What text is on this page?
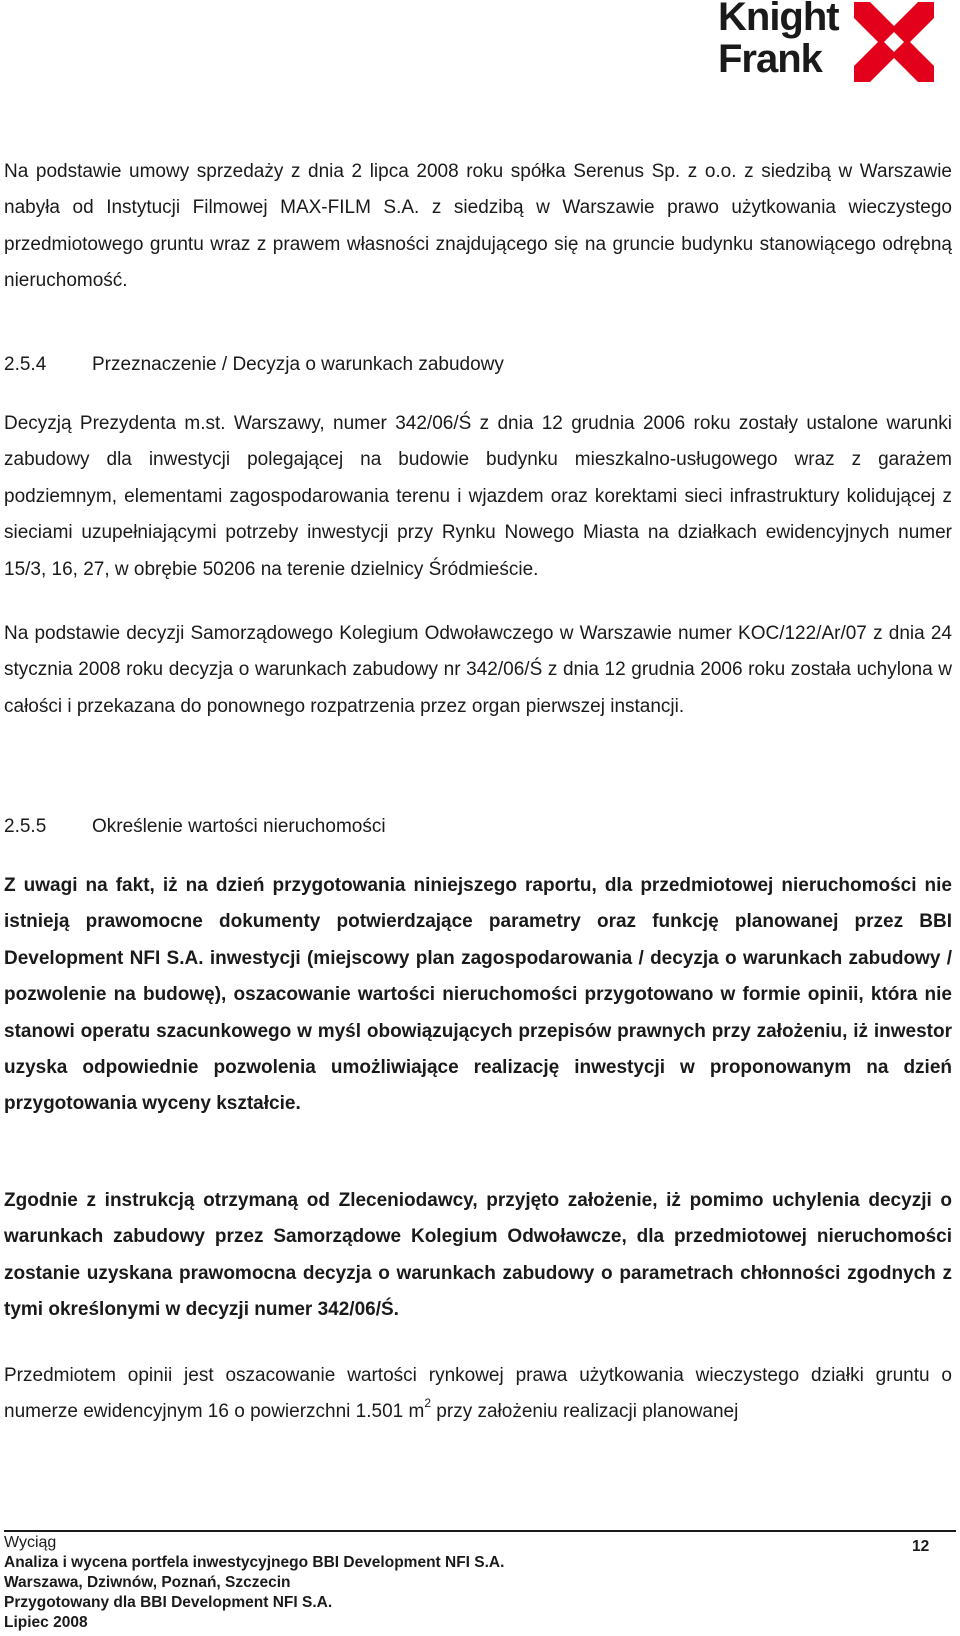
Knight
Frank

Na podstawie umowy sprzedaży z dnia 2 lipca 2008 roku spółka Serenus Sp. z o.o. z siedzibą w Warszawie nabyła od Instytucji Filmowej MAX-FILM S.A. z siedzibą w Warszawie prawo użytkowania wieczystego przedmiotowego gruntu wraz z prawem własności znajdującego się na gruncie budynku stanowiącego odrębną nieruchomość.

2.5.4 Przeznaczenie / Decyzja o warunkach zabudowy

Decyzją Prezydenta m.st. Warszawy, numer 342/06/Ś z dnia 12 grudnia 2006 roku zostały ustalone warunki zabudowy dla inwestycji polegającej na budowie budynku mieszkalno-usługowego wraz z garażem podziemnym, elementami zagospodarowania terenu i wjazdem oraz korektami sieci infrastruktury kolidującej z sieciami uzupełniającymi potrzeby inwestycji przy Rynku Nowego Miasta na działkach ewidencyjnych numer 15/3, 16, 27, w obrębie 50206 na terenie dzielnicy Śródmieście.

Na podstawie decyzji Samorządowego Kolegium Odwoławczego w Warszawie numer KOC/122/Ar/07 z dnia 24 stycznia 2008 roku decyzja o warunkach zabudowy nr 342/06/Ś z dnia 12 grudnia 2006 roku została uchylona w całości i przekazana do ponownego rozpatrzenia przez organ pierwszej instancji.

2.5.5 Określenie wartości nieruchomości

Z uwagi na fakt, iż na dzień przygotowania niniejszego raportu, dla przedmiotowej nieruchomości nie istnieją prawomocne dokumenty potwierdzające parametry oraz funkcję planowanej przez BBI Development NFI S.A. inwestycji (miejscowy plan zagospodarowania / decyzja o warunkach zabudowy / pozwolenie na budowę), oszacowanie wartości nieruchomości przygotowano w formie opinii, która nie stanowi operatu szacunkowego w myśl obowiązujących przepisów prawnych przy założeniu, iż inwestor uzyska odpowiednie pozwolenia umożliwiające realizację inwestycji w proponowanym na dzień przygotowania wyceny kształcie.

Zgodnie z instrukcją otrzymaną od Zleceniodawcy, przyjęto założenie, iż pomimo uchylenia decyzji o warunkach zabudowy przez Samorządowe Kolegium Odwoławcze, dla przedmiotowej nieruchomości zostanie uzyskana prawomocna decyzja o warunkach zabudowy o parametrach chłonności zgodnych z tymi określonymi w decyzji numer 342/06/Ś.

Przedmiotem opinii jest oszacowanie wartości rynkowej prawa użytkowania wieczystego działki gruntu o numerze ewidencyjnym 16 o powierzchni 1.501 $m^2$ przy założeniu realizacji planowanej

Wyciąg
Analiza i wycena portfela inwestycyjnego BBI Development NFI S.A.
Warszawa, Dziwnów, Poznań, Szczecin
Przygotowany dla BBI Development NFI S.A.
Lipiec 2008
12
